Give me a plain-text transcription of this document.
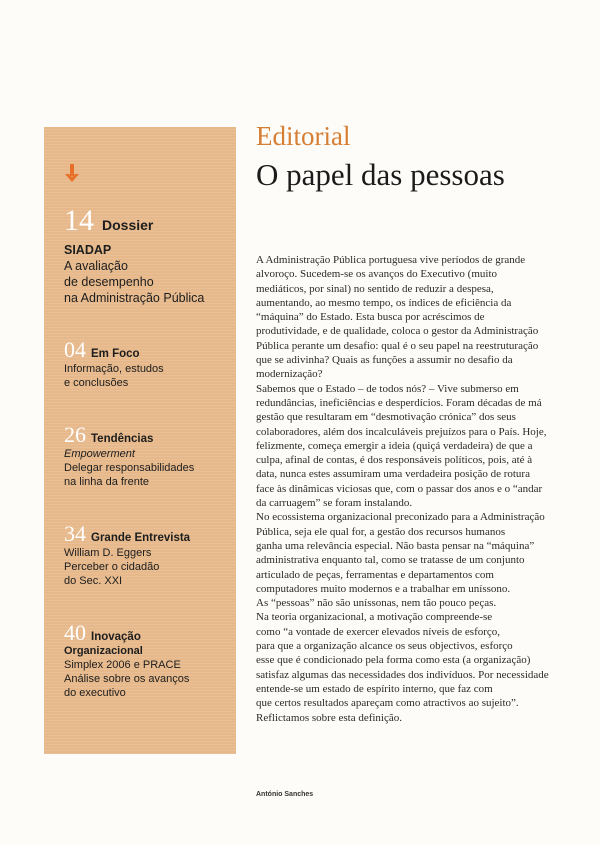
14 Dossier
SIADAP
A avaliação
de desempenho
na Administração Pública
04 Em Foco
Informação, estudos
e conclusões
26 Tendências
Empowerment
Delegar responsabilidades
na linha da frente
34 Grande Entrevista
William D. Eggers
Perceber o cidadão
do Sec. XXI
40 Inovação
Organizacional
Simplex 2006 e PRACE
Análise sobre os avanços
do executivo
Editorial
O papel das pessoas

A Administração Pública portuguesa vive períodos de grande

alvoroço. Sucedem-se os avanços do Executivo (muito

mediáticos, por sinal) no sentido de reduzir a despesa,

aumentando, ao mesmo tempo, os índices de eficiência da

“máquina” do Estado. Esta busca por acréscimos de

produtividade, e de qualidade, coloca o gestor da Administração

Pública perante um desafio: qual é o seu papel na reestruturação

que se adivinha? Quais as funções a assumir no desafio da

modernização?

Sabemos que o Estado – de todos nós? – Vive submerso em

redundâncias, ineficiências e desperdícios. Foram décadas de má

gestão que resultaram em “desmotivação crónica” dos seus

colaboradores, além dos incalculáveis prejuízos para o País. Hoje,

felizmente, começa emergir a ideia (quiçá verdadeira) de que a

culpa, afinal de contas, é dos responsáveis políticos, pois, até à

data, nunca estes assumiram uma verdadeira posição de rotura

face às dinâmicas viciosas que, com o passar dos anos e o “andar

da carruagem” se foram instalando.

No ecossistema organizacional preconizado para a Administração

Pública, seja ele qual for, a gestão dos recursos humanos

ganha uma relevância especial. Não basta pensar na “máquina”

administrativa enquanto tal, como se tratasse de um conjunto

articulado de peças, ferramentas e departamentos com

computadores muito modernos e a trabalhar em uníssono.

As “pessoas” não são uníssonas, nem tão pouco peças.

Na teoria organizacional, a motivação compreende-se

como “a vontade de exercer elevados níveis de esforço,

para que a organização alcance os seus objectivos, esforço

esse que é condicionado pela forma como esta (a organização)

satisfaz algumas das necessidades dos indivíduos. Por necessidade

entende-se um estado de espírito interno, que faz com

que certos resultados apareçam como atractivos ao sujeito”.

Reflictamos sobre esta definição.

António Sanches
